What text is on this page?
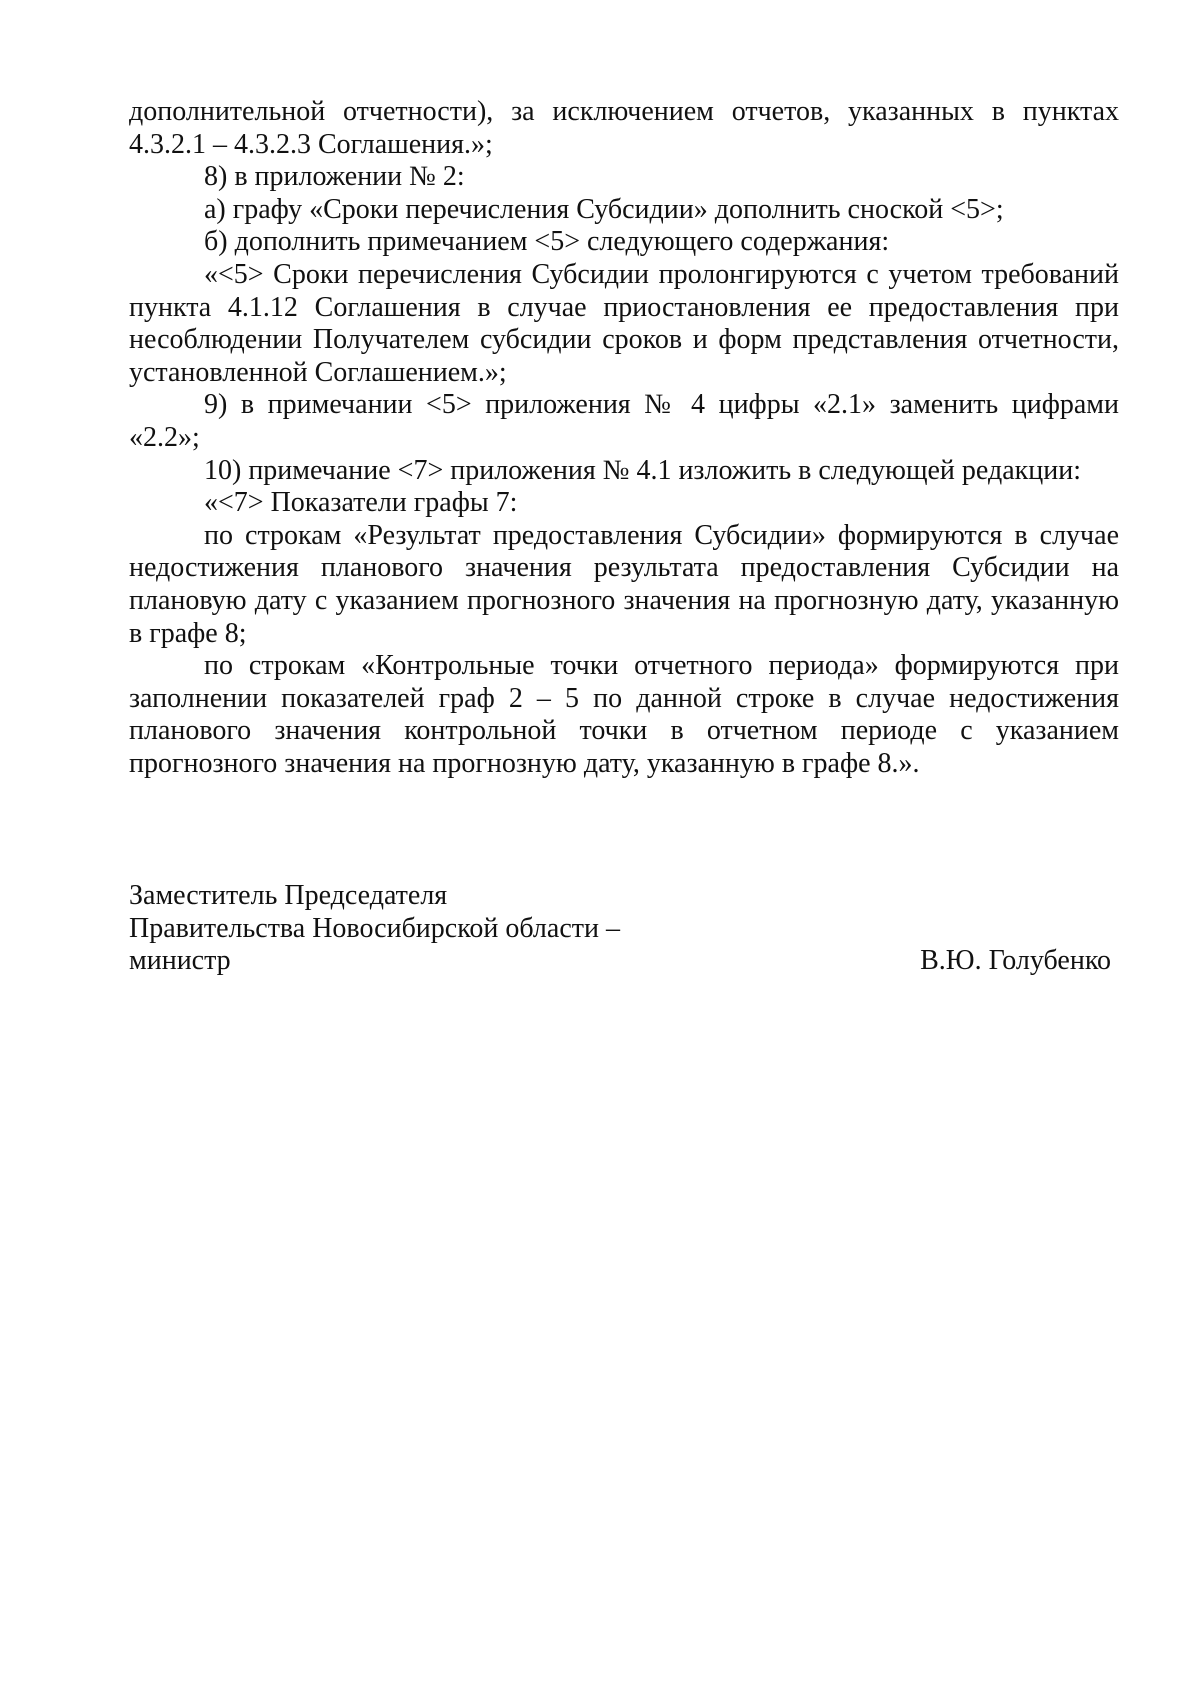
дополнительной отчетности), за исключением отчетов, указанных в пунктах 4.3.2.1 – 4.3.2.3 Соглашения.»;

8) в приложении № 2:

а) графу «Сроки перечисления Субсидии» дополнить сноской <5>;

б) дополнить примечанием <5> следующего содержания:

«<5> Сроки перечисления Субсидии пролонгируются с учетом требований пункта 4.1.12 Соглашения в случае приостановления ее предоставления при несоблюдении Получателем субсидии сроков и форм представления отчетности, установленной Соглашением.»;

9) в примечании <5> приложения № 4 цифры «2.1» заменить цифрами «2.2»;

10) примечание <7> приложения № 4.1 изложить в следующей редакции:

«<7> Показатели графы 7:

по строкам «Результат предоставления Субсидии» формируются в случае недостижения планового значения результата предоставления Субсидии на плановую дату с указанием прогнозного значения на прогнозную дату, указанную в графе 8;

по строкам «Контрольные точки отчетного периода» формируются при заполнении показателей граф 2 – 5 по данной строке в случае недостижения планового значения контрольной точки в отчетном периоде с указанием прогнозного значения на прогнозную дату, указанную в графе 8.».

Заместитель Председателя
Правительства Новосибирской области –
министр	В.Ю. Голубенко
